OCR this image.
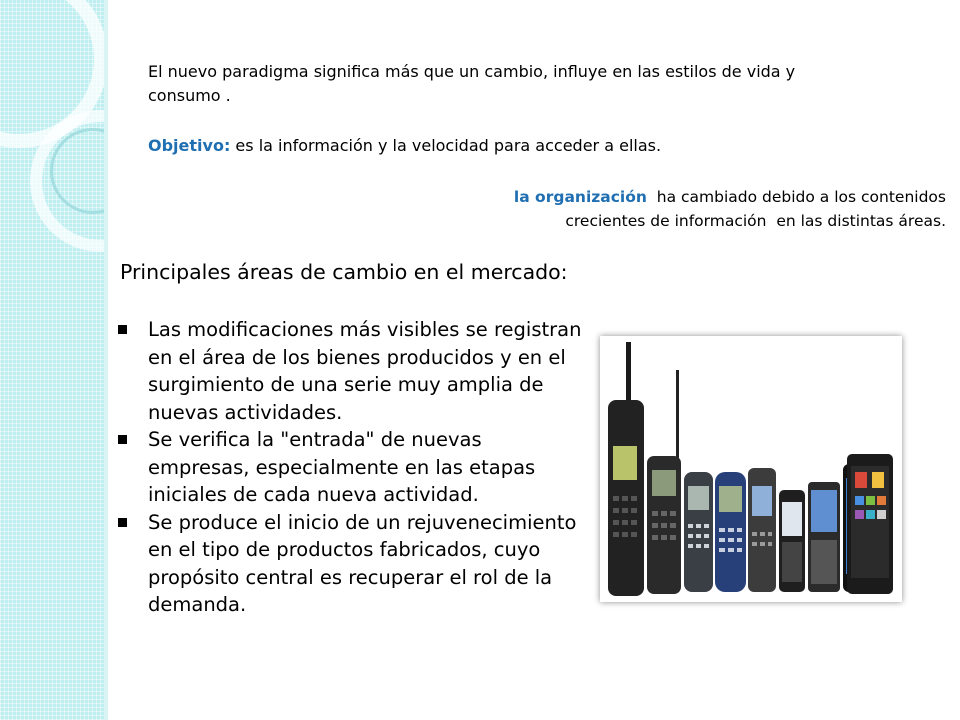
El nuevo paradigma significa más que un cambio, influye en las estilos de vida y consumo .
Objetivo: es la información y la velocidad para acceder a ellas.
la organización  ha cambiado debido a los contenidos
crecientes de información  en las distintas áreas.
Principales áreas de cambio en el mercado:
Las modificaciones más visibles se registran en el área de los bienes producidos y en el surgimiento de una serie muy amplia de nuevas actividades.
Se verifica la "entrada" de nuevas empresas, especialmente en las etapas iniciales de cada nueva actividad.
Se produce el inicio de un rejuvenecimiento en el tipo de productos fabricados, cuyo propósito central es recuperar el rol de la demanda.
